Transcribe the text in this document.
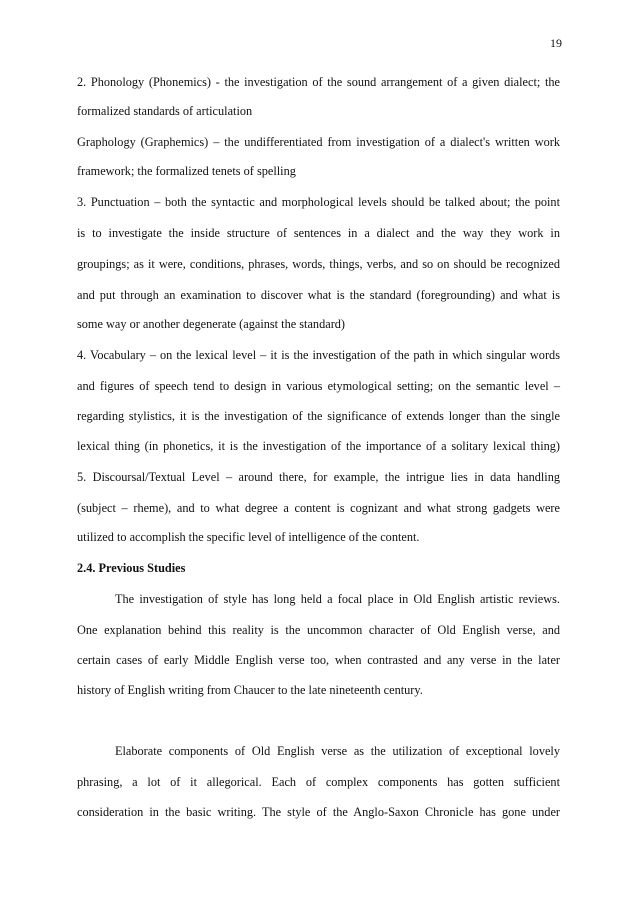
19
2. Phonology (Phonemics) - the investigation of the sound arrangement of a given dialect; the
formalized standards of articulation
Graphology (Graphemics) – the undifferentiated from investigation of a dialect's written work
framework; the formalized tenets of spelling
3. Punctuation – both the syntactic and morphological levels should be talked about; the point
is to investigate the inside structure of sentences in a dialect and the way they work in
groupings; as it were, conditions, phrases, words, things, verbs, and so on should be recognized
and put through an examination to discover what is the standard (foregrounding) and what is
some way or another degenerate (against the standard)
4. Vocabulary – on the lexical level – it is the investigation of the path in which singular words
and figures of speech tend to design in various etymological setting; on the semantic level –
regarding stylistics, it is the investigation of the significance of extends longer than the single
lexical thing (in phonetics, it is the investigation of the importance of a solitary lexical thing)
5. Discoursal/Textual Level – around there, for example, the intrigue lies in data handling
(subject – rheme), and to what degree a content is cognizant and what strong gadgets were
utilized to accomplish the specific level of intelligence of the content.
2.4. Previous Studies
The investigation of style has long held a focal place in Old English artistic reviews.
One explanation behind this reality is the uncommon character of Old English verse, and
certain cases of early Middle English verse too, when contrasted and any verse in the later
history of English writing from Chaucer to the late nineteenth century.
Elaborate components of Old English verse as the utilization of exceptional lovely
phrasing, a lot of it allegorical. Each of complex components has gotten sufficient
consideration in the basic writing. The style of the Anglo-Saxon Chronicle has gone under
